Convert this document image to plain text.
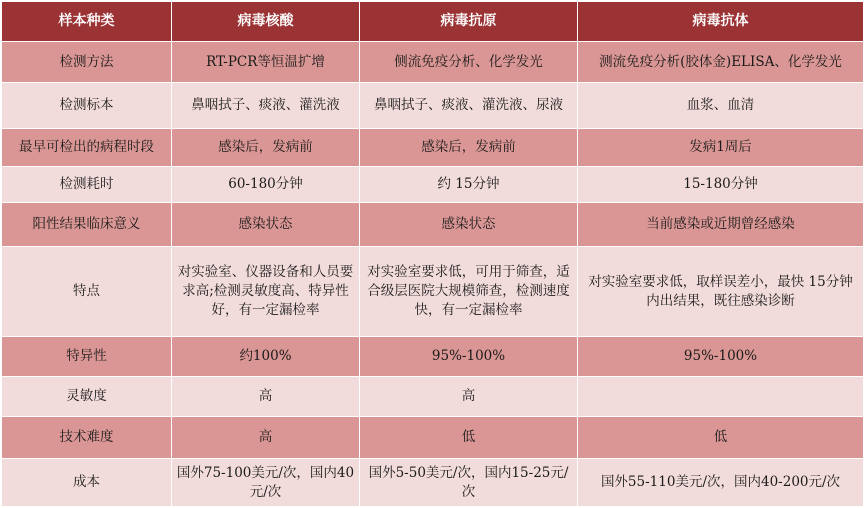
样本种类	病毒核酸	病毒抗原	病毒抗体
检测方法	RT-PCR等恒温扩增	侧流免疫分析、化学发光	测流免疫分析(胶体金)ELISA、化学发光
检测标本	鼻咽拭子、痰液、灌洗液	鼻咽拭子、痰液、灌洗液、尿液	血浆、血清
最早可检出的病程时段	感染后，发病前	感染后，发病前	发病1周后
检测耗时	60-180分钟	约 15分钟	15-180分钟
阳性结果临床意义	感染状态	感染状态	当前感染或近期曾经感染
特点	对实验室、仪器设备和人员要求高;检测灵敏度高、特异性好，有一定漏检率	对实验室要求低，可用于筛查，适合级层医院大规模筛查，检测速度快，有一定漏检率	对实验室要求低，取样误差小，最快 15分钟内出结果，既往感染诊断
特异性	约100%	95%-100%	95%-100%
灵敏度	高	高	
技术难度	高	低	低
成本	国外75-100美元/次，国内40元/次	国外5-50美元/次，国内15-25元/次	国外55-110美元/次，国内40-200元/次
